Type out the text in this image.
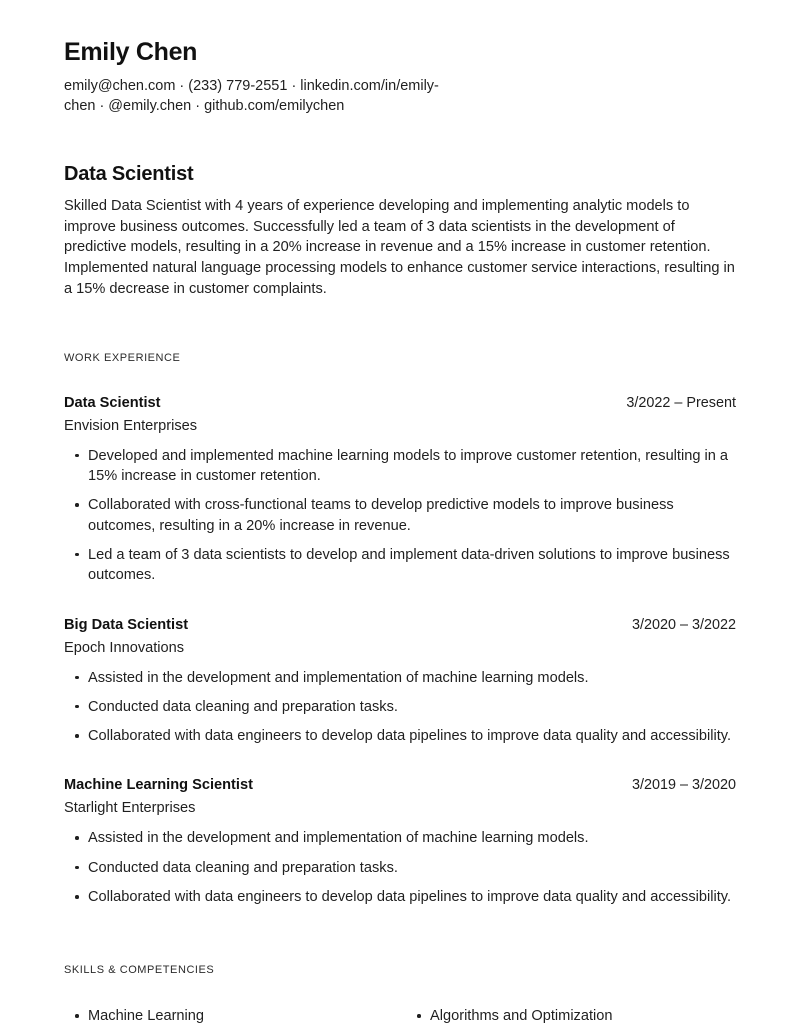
Emily Chen

emily@chen.com · (233) 779-2551 · linkedin.com/in/emily-chen · @emily.chen · github.com/emilychen

Data Scientist

Skilled Data Scientist with 4 years of experience developing and implementing analytic models to improve business outcomes. Successfully led a team of 3 data scientists in the development of predictive models, resulting in a 20% increase in revenue and a 15% increase in customer retention. Implemented natural language processing models to enhance customer service interactions, resulting in a 15% decrease in customer complaints.

WORK EXPERIENCE
Data Scientist	3/2022 – Present
Envision Enterprises
Developed and implemented machine learning models to improve customer retention, resulting in a 15% increase in customer retention.
Collaborated with cross-functional teams to develop predictive models to improve business outcomes, resulting in a 20% increase in revenue.
Led a team of 3 data scientists to develop and implement data-driven solutions to improve business outcomes.
Big Data Scientist	3/2020 – 3/2022
Epoch Innovations
Assisted in the development and implementation of machine learning models.
Conducted data cleaning and preparation tasks.
Collaborated with data engineers to develop data pipelines to improve data quality and accessibility.
Machine Learning Scientist	3/2019 – 3/2020
Starlight Enterprises
Assisted in the development and implementation of machine learning models.
Conducted data cleaning and preparation tasks.
Collaborated with data engineers to develop data pipelines to improve data quality and accessibility.
SKILLS & COMPETENCIES
Machine Learning	Algorithms and Optimization
